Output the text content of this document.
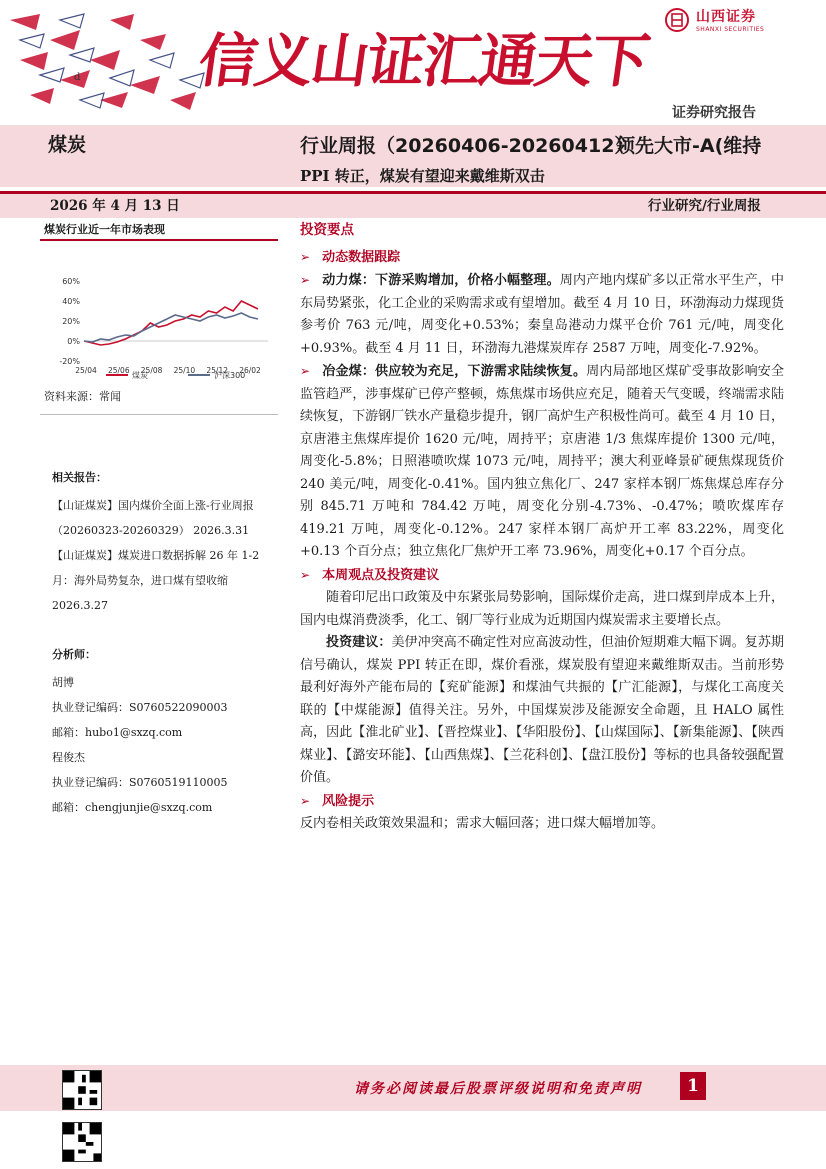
d 信义山证汇通天下
山西证券
SHANXI SECURITIES
证券研究报告
煤炭	行业周报（20260406-20260412）
领先大市-A(维持
PPI 转正，煤炭有望迎来戴维斯双击
2026 年 4 月 13 日	行业研究/行业周报
煤炭行业近一年市场表现
60%
40%
20%
0%
-20%
25/04 25/06 25/08 25/10 25/12 26/02
煤炭	沪深300
资料来源：常闻
相关报告：
【山证煤炭】国内煤价全面上涨-行业周报（20260323-20260329） 2026.3.31
【山证煤炭】煤炭进口数据拆解 26 年 1-2 月：海外局势复杂，进口煤有望收缩 2026.3.27
分析师：
胡博
执业登记编码：S0760522090003
邮箱：hubo1@sxzq.com
程俊杰
执业登记编码：S0760519110005
邮箱：chengjunjie@sxzq.com
投资要点

➢ 动态数据跟踪

➢ 动力煤：下游采购增加，价格小幅整理。周内产地内煤矿多以正常水平生产，中东局势紧张，化工企业的采购需求或有望增加。截至 4 月 10 日，环渤海动力煤现货参考价 763 元/吨，周变化+0.53%；秦皇岛港动力煤平仓价 761 元/吨，周变化+0.93%。截至 4 月 11 日，环渤海九港煤炭库存 2587 万吨，周变化-7.92%。

➢ 冶金煤：供应较为充足，下游需求陆续恢复。周内局部地区煤矿受事故影响安全监管趋严，涉事煤矿已停产整顿，炼焦煤市场供应充足，随着天气变暖，终端需求陆续恢复，下游钢厂铁水产量稳步提升，钢厂高炉生产积极性尚可。截至 4 月 10 日，京唐港主焦煤库提价 1620 元/吨，周持平；京唐港 1/3 焦煤库提价 1300 元/吨，周变化-5.8%；日照港喷吹煤 1073 元/吨，周持平；澳大利亚峰景矿硬焦煤现货价 240 美元/吨，周变化-0.41%。国内独立焦化厂、247 家样本钢厂炼焦煤总库存分别 845.71 万吨和 784.42 万吨，周变化分别-4.73%、-0.47%；喷吹煤库存 419.21 万吨，周变化-0.12%。247 家样本钢厂高炉开工率 83.22%，周变化+0.13 个百分点；独立焦化厂焦炉开工率 73.96%，周变化+0.17 个百分点。

➢ 本周观点及投资建议

随着印尼出口政策及中东紧张局势影响，国际煤价走高，进口煤到岸成本上升，国内电煤消费淡季，化工、钢厂等行业成为近期国内煤炭需求主要增长点。

投资建议：美伊冲突高不确定性对应高波动性，但油价短期难大幅下调。复苏期信号确认，煤炭 PPI 转正在即，煤价看涨，煤炭股有望迎来戴维斯双击。当前形势最利好海外产能布局的【兖矿能源】和煤油气共振的【广汇能源】，与煤化工高度关联的【中煤能源】值得关注。另外，中国煤炭涉及能源安全命题，且 HALO 属性高，因此【淮北矿业】、【晋控煤业】、【华阳股份】、【山煤国际】、【新集能源】、【陕西煤业】、【潞安环能】、【山西焦煤】、【兰花科创】、【盘江股份】等标的也具备较强配置价值。

➢ 风险提示

反内卷相关政策效果温和；需求大幅回落；进口煤大幅增加等。

请务必阅读最后股票评级说明和免责声明	1
